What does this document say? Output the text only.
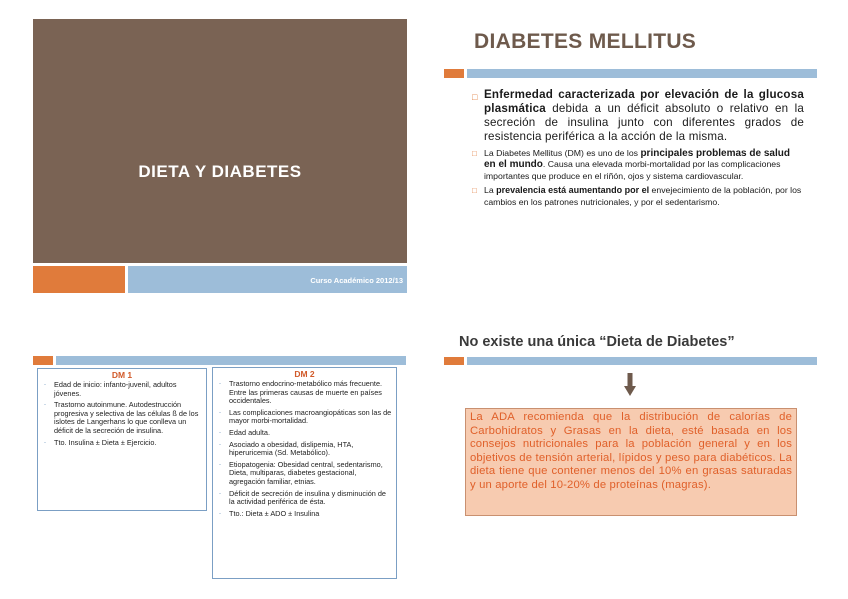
DIETA Y DIABETES
Curso Académico 2012/13
DIABETES MELLITUS
□ Enfermedad caracterizada por elevación de la glucosa plasmática debida a un déficit absoluto o relativo en la secreción de insulina junto con diferentes grados de resistencia periférica a la acción de la misma.
□ La Diabetes Mellitus (DM) es uno de los principales problemas de salud en el mundo. Causa una elevada morbi-mortalidad por las complicaciones importantes que produce en el riñón, ojos y sistema cardiovascular.
□ La prevalencia está aumentando por el envejecimiento de la población, por los cambios en los patrones nutricionales, y por el sedentarismo.
DM 1
- Edad de inicio: infanto-juvenil, adultos jóvenes.
- Trastorno autoinmune. Autodestrucción progresiva y selectiva de las células ß de los islotes de Langerhans lo que conlleva un déficit de la secreción de insulina.
- Tto. Insulina ± Dieta ± Ejercicio.
DM 2
- Trastorno endocrino-metabólico más frecuente. Entre las primeras causas de muerte en países occidentales.
- Las complicaciones macroangiopáticas son las de mayor morbi-mortalidad.
- Edad adulta.
- Asociado a obesidad, dislipemia, HTA, hiperuricemia (Sd. Metabólico).
- Etiopatogenia: Obesidad central, sedentarismo, Dieta, multiparas, diabetes gestacional, agregación familiar, etnias.
- Déficit de secreción de insulina y disminución de la actividad periférica de ésta.
- Tto.: Dieta ± ADO ± Insulina
No existe una única “Dieta de Diabetes”
La ADA recomienda que la distribución de calorías de Carbohidratos y Grasas en la dieta, esté basada en los consejos nutricionales para la población general y en los objetivos de tensión arterial, lípidos y peso para diabéticos. La dieta tiene que contener menos del 10% en grasas saturadas y un aporte del 10-20% de proteínas (magras).
